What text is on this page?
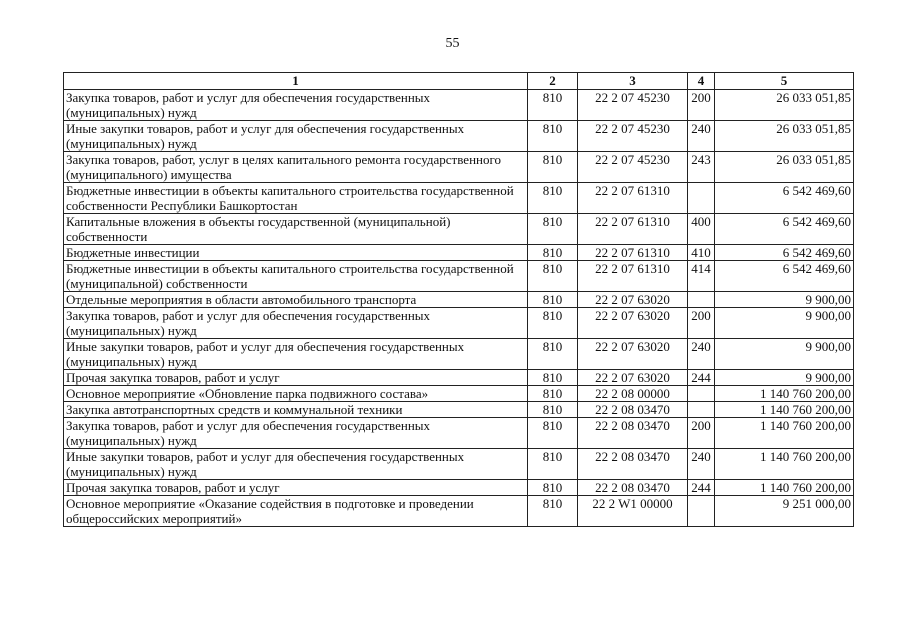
55
1	2	3	4	5
Закупка товаров, работ и услуг для обеспечения государственных (муниципальных) нужд	810	22 2 07 45230	200	26 033 051,85
Иные закупки товаров, работ и услуг для обеспечения государственных (муниципальных) нужд	810	22 2 07 45230	240	26 033 051,85
Закупка товаров, работ, услуг в целях капитального ремонта государственного (муниципального) имущества	810	22 2 07 45230	243	26 033 051,85
Бюджетные инвестиции в объекты капитального строительства государственной собственности Республики Башкортостан	810	22 2 07 61310		6 542 469,60
Капитальные вложения в объекты государственной (муниципальной) собственности	810	22 2 07 61310	400	6 542 469,60
Бюджетные инвестиции	810	22 2 07 61310	410	6 542 469,60
Бюджетные инвестиции в объекты капитального строительства государственной (муниципальной) собственности	810	22 2 07 61310	414	6 542 469,60
Отдельные мероприятия в области автомобильного транспорта	810	22 2 07 63020		9 900,00
Закупка товаров, работ и услуг для обеспечения государственных (муниципальных) нужд	810	22 2 07 63020	200	9 900,00
Иные закупки товаров, работ и услуг для обеспечения государственных (муниципальных) нужд	810	22 2 07 63020	240	9 900,00
Прочая закупка товаров, работ и услуг	810	22 2 07 63020	244	9 900,00
Основное мероприятие «Обновление парка подвижного состава»	810	22 2 08 00000		1 140 760 200,00
Закупка автотранспортных средств и коммунальной техники	810	22 2 08 03470		1 140 760 200,00
Закупка товаров, работ и услуг для обеспечения государственных (муниципальных) нужд	810	22 2 08 03470	200	1 140 760 200,00
Иные закупки товаров, работ и услуг для обеспечения государственных (муниципальных) нужд	810	22 2 08 03470	240	1 140 760 200,00
Прочая закупка товаров, работ и услуг	810	22 2 08 03470	244	1 140 760 200,00
Основное мероприятие «Оказание содействия в подготовке и проведении общероссийских мероприятий»	810	22 2 W1 00000		9 251 000,00
